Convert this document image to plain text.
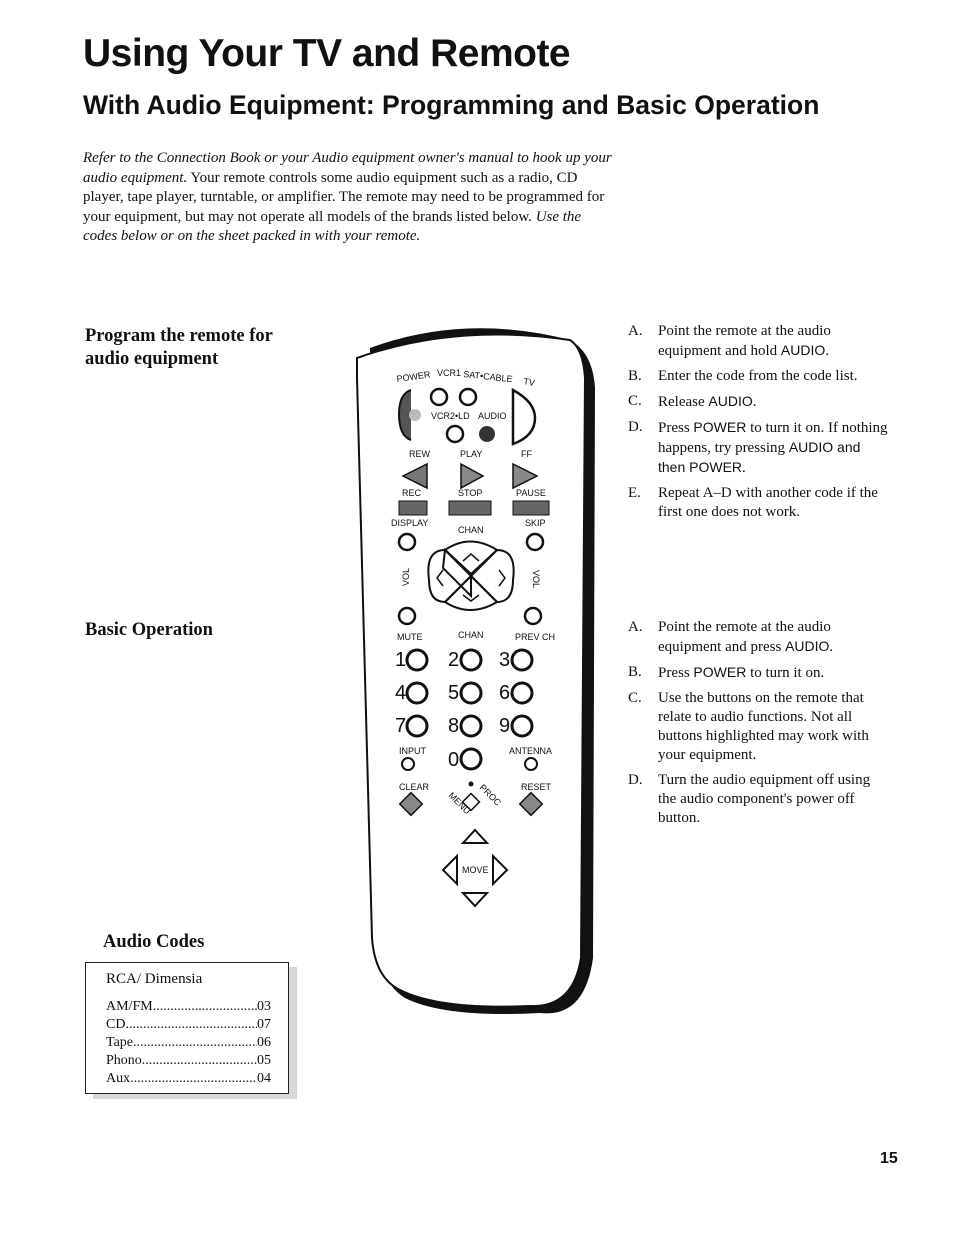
Using Your TV and Remote
With Audio Equipment: Programming and Basic Operation

Refer to the Connection Book or your Audio equipment owner's manual to hook up your audio equipment. Your remote controls some audio equipment such as a radio, CD player, tape player, turntable, or amplifier. The remote may need to be programmed for your equipment, but may not operate all models of the brands listed below. Use the codes below or on the sheet packed in with your remote.

Program the remote for audio equipment
Basic Operation
A.	Point the remote at the audio equipment and hold AUDIO.
B.	Enter the code from the code list.
C.	Release AUDIO.
D.	Press POWER to turn it on. If nothing happens, try pressing AUDIO and then POWER.
E.	Repeat A–D with another code if the first one does not work.
A.	Point the remote at the audio equipment and press AUDIO.
B.	Press POWER to turn it on.
C.	Use the buttons on the remote that relate to audio functions. Not all buttons highlighted may work with your equipment.
D.	Turn the audio equipment off using the audio component's power off button.
Audio Codes
RCA/ Dimensia
AM/FM .....	03
CD .....	07
Tape .....	06
Phono .....	05
Aux .....	04
POWER VCR1 SAT•CABLE TV
VCR2•LD AUDIO
REW	PLAY	FF
REC	STOP	PAUSE
DISPLAY
CHAN
SKIP
VOL	VOL
MUTE	CHAN	PREV CH
1 2 3
4 5 6
7 8 9
0
INPUT	ANTENNA
CLEAR
MENU PROC RESET
MOVE
15
